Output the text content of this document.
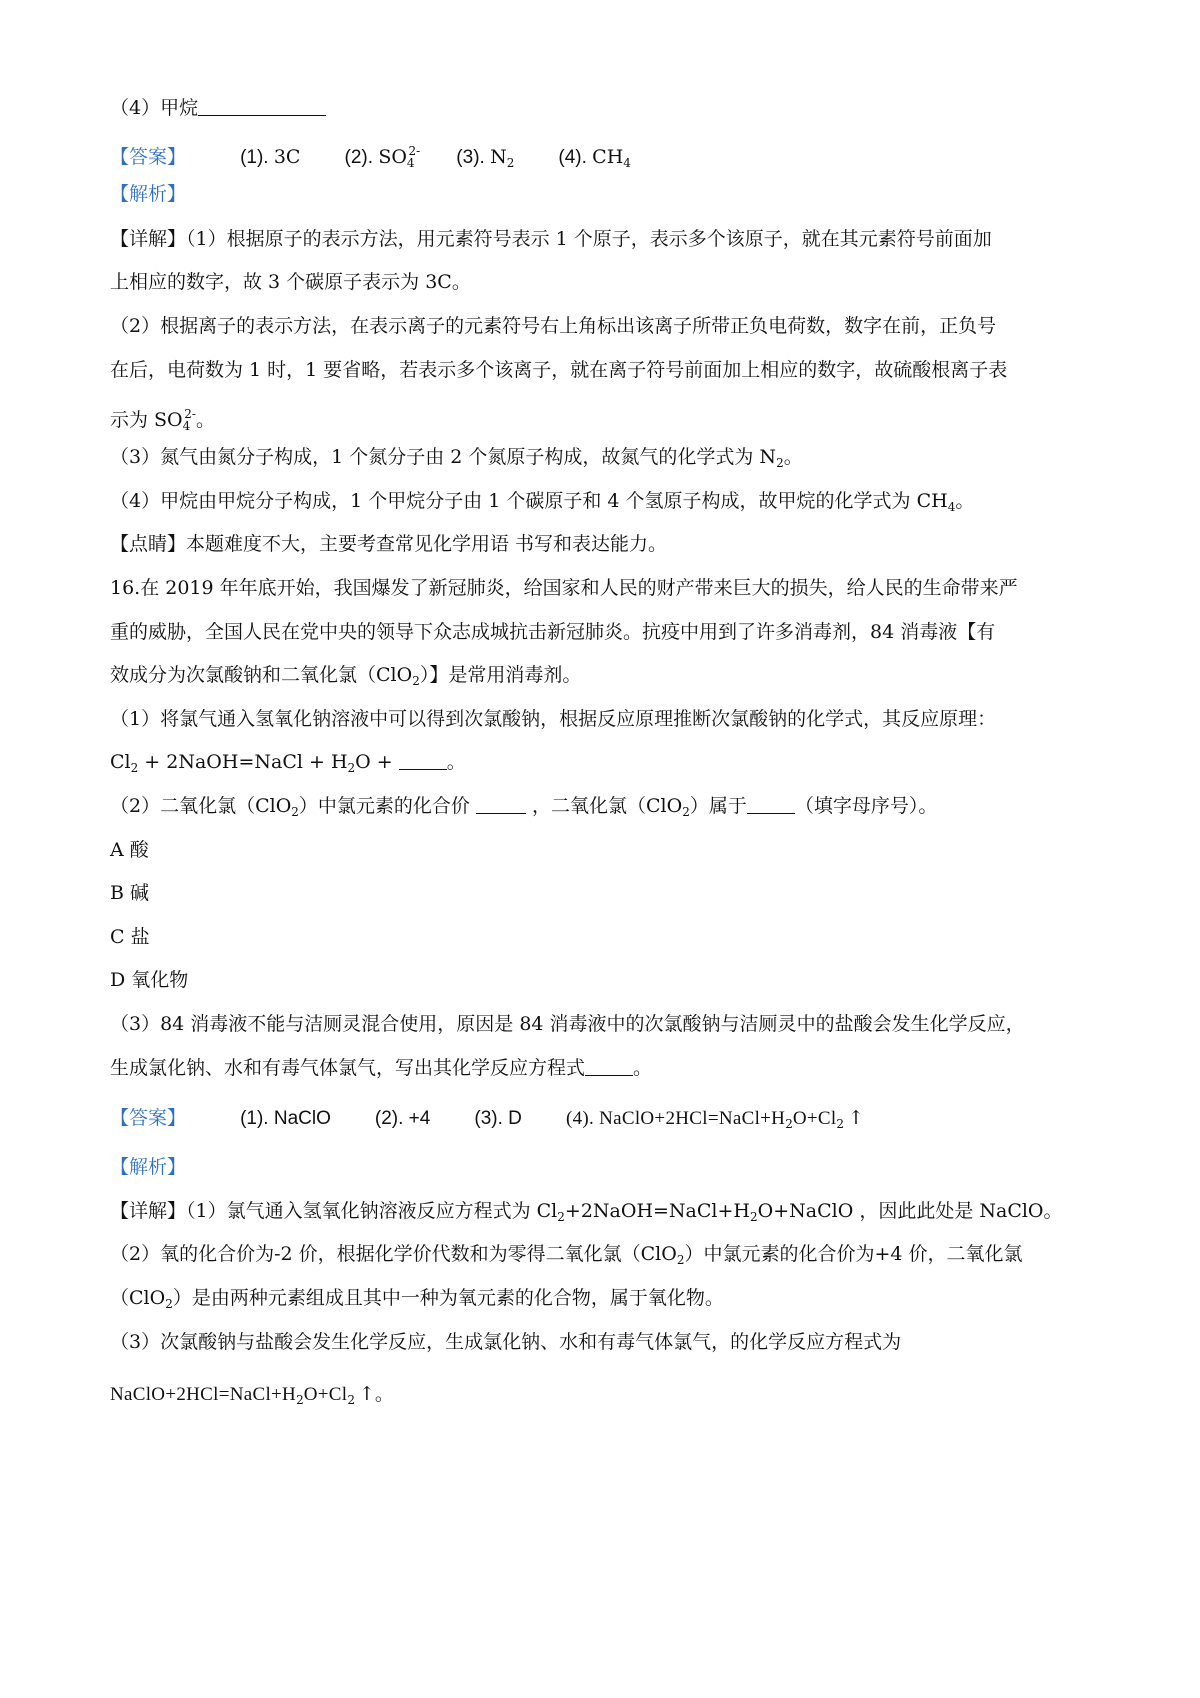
（4）甲烷
【答案】	(1). 3C (2). $SO_4^{2-}$ (3). $N_2$ (4). $CH_4$
【解析】
【详解】（1）根据原子的表示方法，用元素符号表示 1 个原子，表示多个该原子，就在其元素符号前面加
上相应的数字，故 3 个碳原子表示为 3C。
（2）根据离子的表示方法，在表示离子的元素符号右上角标出该离子所带正负电荷数，数字在前，正负号
在后，电荷数为 1 时，1 要省略，若表示多个该离子，就在离子符号前面加上相应的数字，故硫酸根离子表
示为 $SO_4^{2-}$。
（3）氮气由氮分子构成，1 个氮分子由 2 个氮原子构成，故氮气的化学式为 $N_2$。
（4）甲烷由甲烷分子构成，1 个甲烷分子由 1 个碳原子和 4 个氢原子构成，故甲烷的化学式为 $CH_4$。
【点睛】本题难度不大，主要考查常见化学用语 书写和表达能力。
16.在 2019 年年底开始，我国爆发了新冠肺炎，给国家和人民的财产带来巨大的损失，给人民的生命带来严
重的威胁，全国人民在党中央的领导下众志成城抗击新冠肺炎。抗疫中用到了许多消毒剂，84 消毒液【有
效成分为次氯酸钠和二氧化氯（ClO$_2$）】是常用消毒剂。
（1）将氯气通入氢氧化钠溶液中可以得到次氯酸钠，根据反应原理推断次氯酸钠的化学式，其反应原理：
$Cl_2$ + 2NaOH=NaCl + $H_2O$ +	。
（2）二氧化氯（ClO$_2$）中氯元素的化合价	，二氧化氯（ClO$_2$）属于	（填字母序号）。
A 酸
B 碱
C 盐
D 氧化物
（3）84 消毒液不能与洁厕灵混合使用，原因是 84 消毒液中的次氯酸钠与洁厕灵中的盐酸会发生化学反应，
生成氯化钠、水和有毒气体氯气，写出其化学反应方程式	。
【答案】	(1). NaClO (2). +4 (3). D (4). $NaClO+2HCl=NaCl+H_2O+Cl_2$ ↑
【解析】
【详解】（1）氯气通入氢氧化钠溶液反应方程式为 $Cl_2+2NaOH=NaCl+H_2O+NaClO$ ，因此此处是 NaClO。
（2）氧的化合价为-2 价，根据化学价代数和为零得二氧化氯（ClO$_2$）中氯元素的化合价为+4 价，二氧化氯
（ClO$_2$）是由两种元素组成且其中一种为氧元素的化合物，属于氧化物。
（3）次氯酸钠与盐酸会发生化学反应，生成氯化钠、水和有毒气体氯气，的化学反应方程式为
$NaClO+2HCl=NaCl+H_2O+Cl_2$ ↑。
